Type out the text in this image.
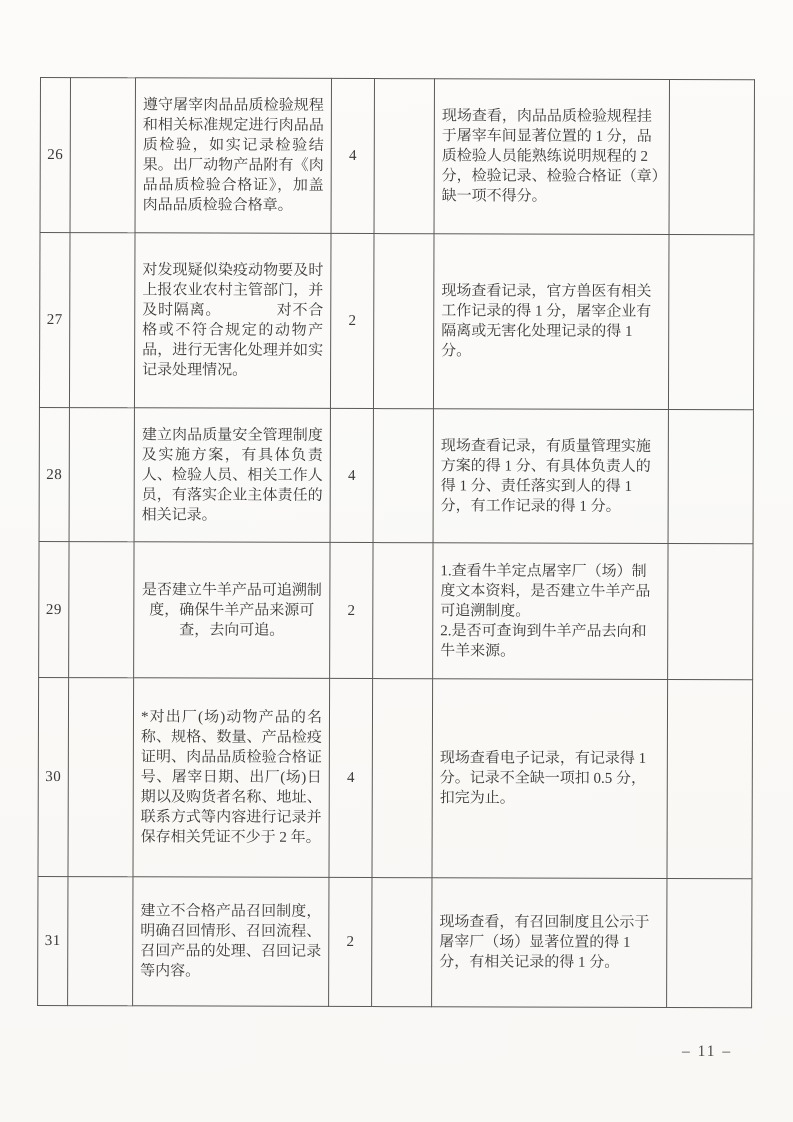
26		遵守屠宰肉品品质检验规程和相关标准规定进行肉品品质检验，如实记录检验结果。出厂动物产品附有《肉品品质检验合格证》，加盖肉品品质检验合格章。	4		现场查看，肉品品质检验规程挂于屠宰车间显著位置的 1 分，品质检验人员能熟练说明规程的 2 分，检验记录、检验合格证（章）缺一项不得分。	
27		对发现疑似染疫动物要及时上报农业农村主管部门，并及时隔离。　　　　对不合格或不符合规定的动物产品，进行无害化处理并如实记录处理情况。	2		现场查看记录，官方兽医有相关工作记录的得 1 分，屠宰企业有隔离或无害化处理记录的得 1 分。	
28		建立肉品质量安全管理制度及实施方案，有具体负责人、检验人员、相关工作人员，有落实企业主体责任的相关记录。	4		现场查看记录，有质量管理实施方案的得 1 分、有具体负责人的得 1 分、责任落实到人的得 1 分，有工作记录的得 1 分。	
29		是否建立牛羊产品可追溯制度，确保牛羊产品来源可查，去向可追。	2		1.查看牛羊定点屠宰厂（场）制度文本资料，是否建立牛羊产品可追溯制度。
2.是否可查询到牛羊产品去向和牛羊来源。	
30		*对出厂(场)动物产品的名称、规格、数量、产品检疫证明、肉品品质检验合格证号、屠宰日期、出厂(场)日期以及购货者名称、地址、联系方式等内容进行记录并保存相关凭证不少于 2 年。	4		现场查看电子记录，有记录得 1 分。记录不全缺一项扣 0.5 分，扣完为止。	
31		建立不合格产品召回制度，明确召回情形、召回流程、召回产品的处理、召回记录等内容。	2		现场查看，有召回制度且公示于屠宰厂（场）显著位置的得 1 分，有相关记录的得 1 分。	
– 11 –
